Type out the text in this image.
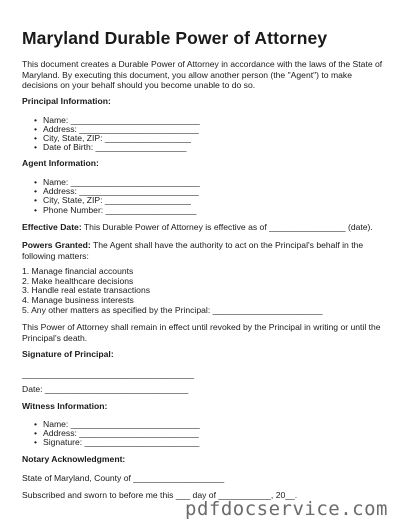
Maryland Durable Power of Attorney
This document creates a Durable Power of Attorney in accordance with the laws of the State of Maryland. By executing this document, you allow another person (the "Agent") to make decisions on your behalf should you become unable to do so.
Principal Information:
• Name: ___________________________
• Address: _________________________
• City, State, ZIP: __________________
• Date of Birth: ___________________
Agent Information:
• Name: ___________________________
• Address: _________________________
• City, State, ZIP: __________________
• Phone Number: ___________________
Effective Date: This Durable Power of Attorney is effective as of ________________ (date).
Powers Granted: The Agent shall have the authority to act on the Principal's behalf in the following matters:
1. Manage financial accounts
2. Make healthcare decisions
3. Handle real estate transactions
4. Manage business interests
5. Any other matters as specified by the Principal: _______________________
This Power of Attorney shall remain in effect until revoked by the Principal in writing or until the Principal's death.
Signature of Principal:
____________________________________
Date: ______________________________
Witness Information:
• Name: ___________________________
• Address: _________________________
• Signature: ________________________
Notary Acknowledgment:
State of Maryland, County of ___________________
Subscribed and sworn to before me this ___ day of ___________, 20__.
pdfdocservice.com
